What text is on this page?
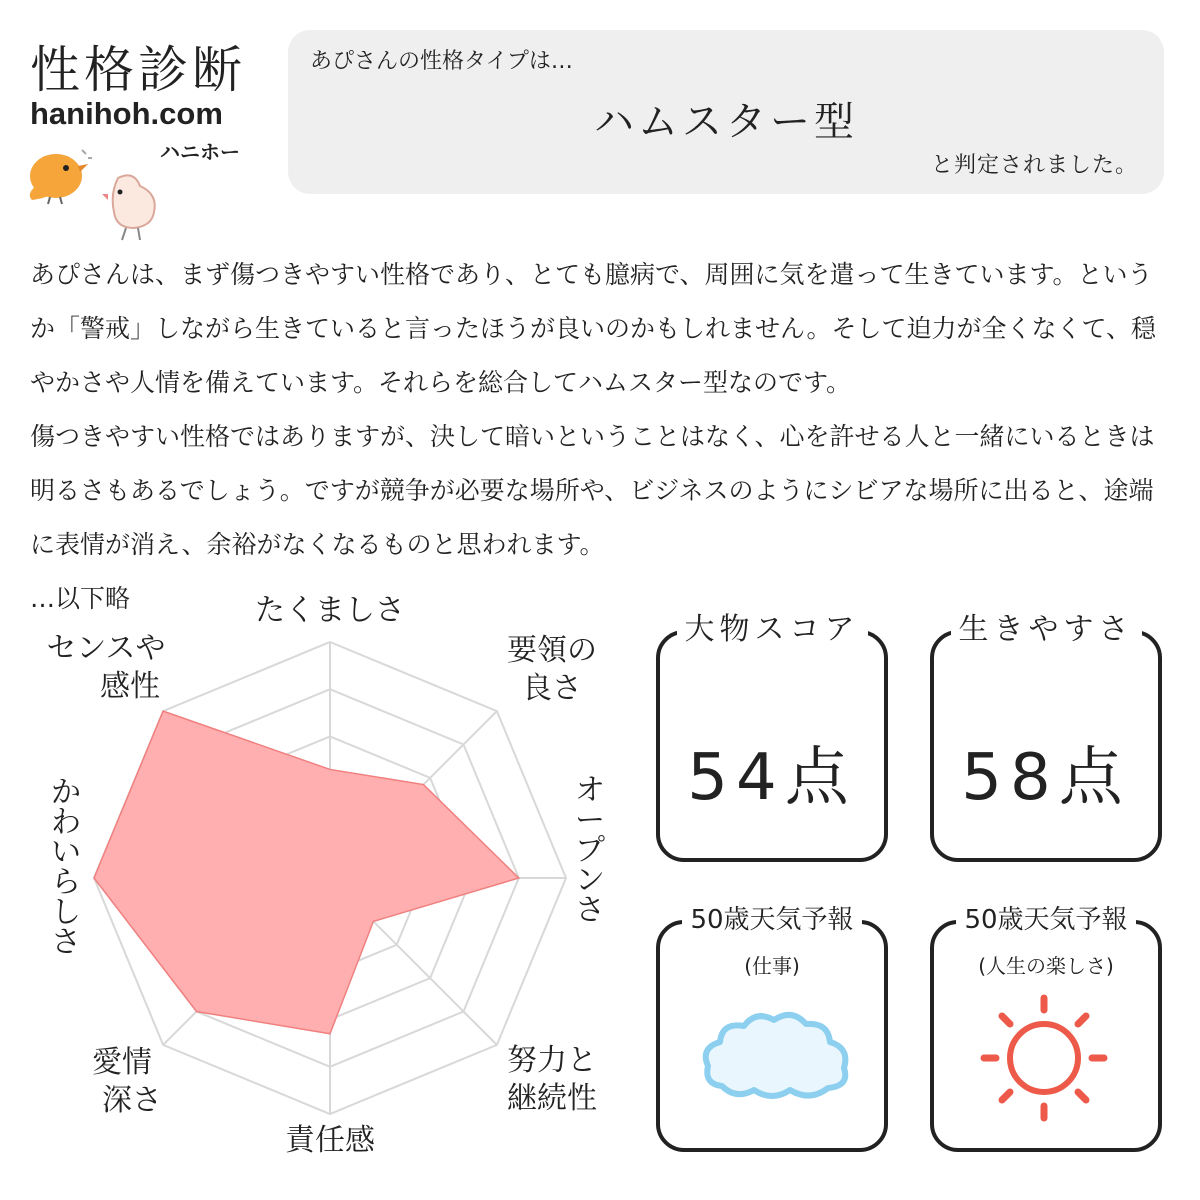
性格診断
hanihoh.com
ハニホー
あぴさんの性格タイプは…
ハムスター型
と判定されました。

あぴさんは、まず傷つきやすい性格であり、とても臆病で、周囲に気を遣って生きています。というか「警戒」しながら生きていると言ったほうが良いのかもしれません。そして迫力が全くなくて、穏やかさや人情を備えています。それらを総合してハムスター型なのです。

傷つきやすい性格ではありますが、決して暗いということはなく、心を許せる人と一緒にいるときは明るさもあるでしょう。ですが競争が必要な場所や、ビジネスのようにシビアな場所に出ると、途端に表情が消え、余裕がなくなるものと思われます。

…以下略	たくましさ
要領の良さ
オープンさ
努力と継続性
責任感
愛情深さ
かわいらしさ
センスや感性
大物スコア
54点
生きやすさ
58点
50歳天気予報
(仕事)
50歳天気予報
(人生の楽しさ)
